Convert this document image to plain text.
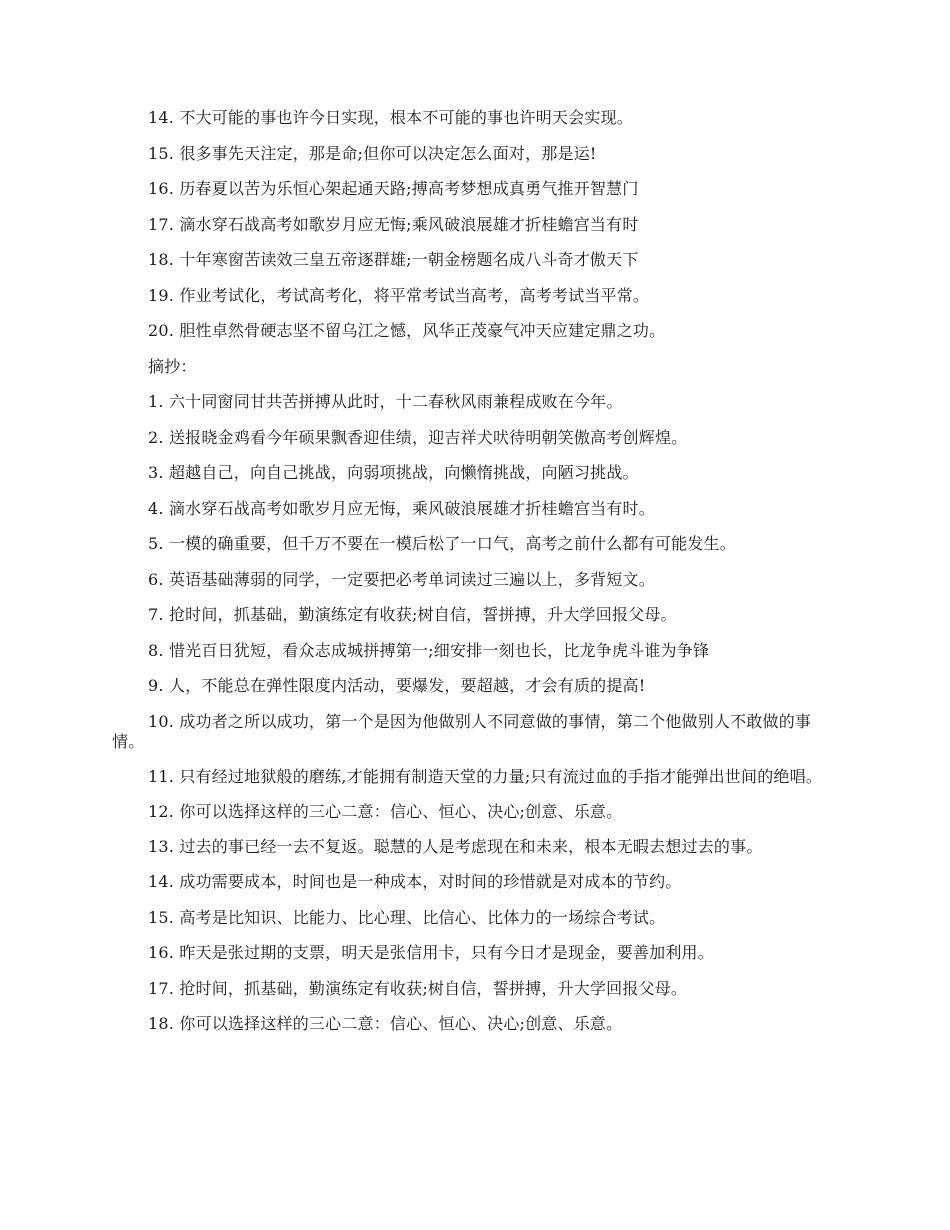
14. 不大可能的事也许今日实现，根本不可能的事也许明天会实现。

15. 很多事先天注定，那是命;但你可以决定怎么面对，那是运!

16. 历春夏以苦为乐恒心架起通天路;搏高考梦想成真勇气推开智慧门

17. 滴水穿石战高考如歌岁月应无悔;乘风破浪展雄才折桂蟾宫当有时

18. 十年寒窗苦读效三皇五帝逐群雄;一朝金榜题名成八斗奇才傲天下

19. 作业考试化，考试高考化，将平常考试当高考，高考考试当平常。

20. 胆性卓然骨硬志坚不留乌江之憾，风华正茂豪气冲天应建定鼎之功。

摘抄：

1. 六十同窗同甘共苦拼搏从此时，十二春秋风雨兼程成败在今年。

2. 送报晓金鸡看今年硕果飘香迎佳绩，迎吉祥犬吠待明朝笑傲高考创辉煌。

3. 超越自己，向自己挑战，向弱项挑战，向懒惰挑战，向陋习挑战。

4. 滴水穿石战高考如歌岁月应无悔，乘风破浪展雄才折桂蟾宫当有时。

5. 一模的确重要，但千万不要在一模后松了一口气，高考之前什么都有可能发生。

6. 英语基础薄弱的同学，一定要把必考单词读过三遍以上，多背短文。

7. 抢时间，抓基础，勤演练定有收获;树自信，誓拼搏，升大学回报父母。

8. 惜光百日犹短，看众志成城拼搏第一;细安排一刻也长，比龙争虎斗谁为争锋

9. 人，不能总在弹性限度内活动，要爆发，要超越，才会有质的提高!

10. 成功者之所以成功，第一个是因为他做别人不同意做的事情，第二个他做别人不敢做的事情。

11. 只有经过地狱般的磨练,才能拥有制造天堂的力量;只有流过血的手指才能弹出世间的绝唱。

12. 你可以选择这样的三心二意：信心、恒心、决心;创意、乐意。

13. 过去的事已经一去不复返。聪慧的人是考虑现在和未来，根本无暇去想过去的事。

14. 成功需要成本，时间也是一种成本，对时间的珍惜就是对成本的节约。

15. 高考是比知识、比能力、比心理、比信心、比体力的一场综合考试。

16. 昨天是张过期的支票，明天是张信用卡，只有今日才是现金，要善加利用。

17. 抢时间，抓基础，勤演练定有收获;树自信，誓拼搏，升大学回报父母。

18. 你可以选择这样的三心二意：信心、恒心、决心;创意、乐意。
